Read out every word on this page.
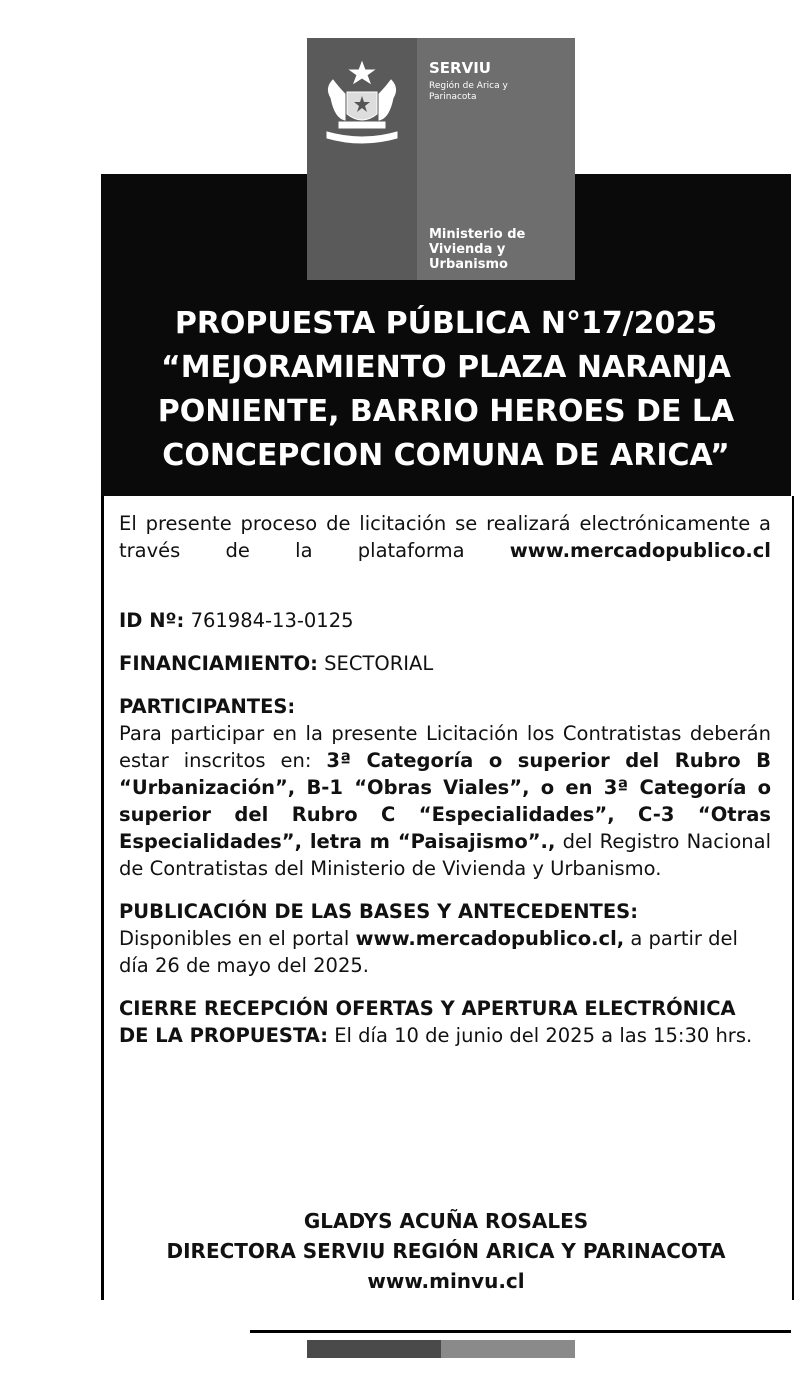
SERVIU
Región de Arica y Parinacota
Ministerio de Vivienda y Urbanismo
PROPUESTA PÚBLICA N°17/2025
“MEJORAMIENTO PLAZA NARANJA
PONIENTE, BARRIO HEROES DE LA
CONCEPCION COMUNA DE ARICA”

El presente proceso de licitación se realizará electrónicamente a través de la plataforma www.mercadopublico.cl

ID Nº: 761984-13-0125

FINANCIAMIENTO: SECTORIAL

PARTICIPANTES:
Para participar en la presente Licitación los Contratistas deberán estar inscritos en: 3ª Categoría o superior del Rubro B “Urbanización”, B-1 “Obras Viales”, o en 3ª Categoría o superior del Rubro C “Especialidades”, C-3 “Otras Especialidades”, letra m “Paisajismo”., del Registro Nacional de Contratistas del Ministerio de Vivienda y Urbanismo.

PUBLICACIÓN DE LAS BASES Y ANTECEDENTES:
Disponibles en el portal www.mercadopublico.cl, a partir del día 26 de mayo del 2025.

CIERRE RECEPCIÓN OFERTAS Y APERTURA ELECTRÓNICA DE LA PROPUESTA: El día 10 de junio del 2025 a las 15:30 hrs.

GLADYS ACUÑA ROSALES
DIRECTORA SERVIU REGIÓN ARICA Y PARINACOTA
www.minvu.cl
